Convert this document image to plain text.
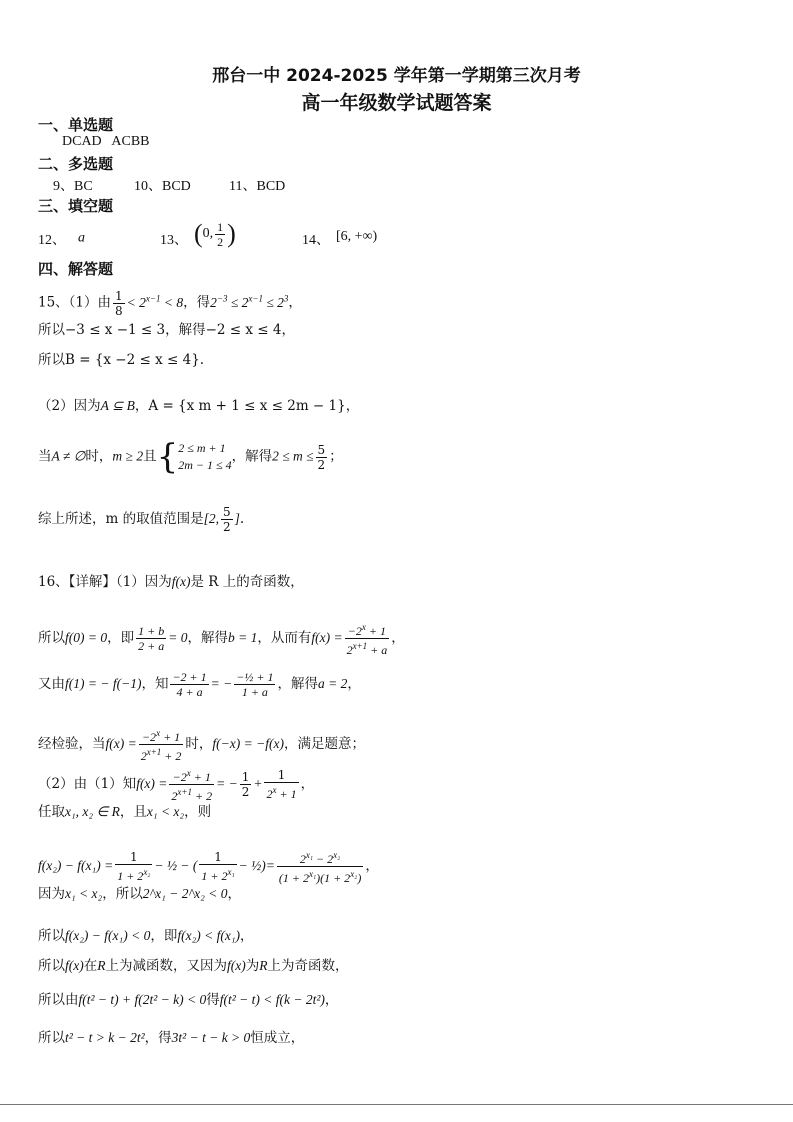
邢台一中 2024-2025 学年第一学期第三次月考
高一年级数学试题答案
一、单选题
DCAD   ACBB
二、多选题
9、BC	10、BCD	11、BCD
三、填空题
12、 a	13、 (0, $\frac{1}{2}$ )	14、 [6, +∞)
四、解答题
15、（1）由 $\frac{1}{8} < 2^{x-1} < 8$，得$2^{-3} \le 2^{x-1} \le 2^3$，
所以−3 ≤ x −1 ≤ 3，解得−2 ≤ x ≤ 4，
所以B = {x −2 ≤ x ≤ 4}.
（2）因为A ⊆ B，A = {x m + 1 ≤ x ≤ 2m − 1}，
当A ≠ ∅时，m ≥ 2且{2 ≤ m + 1
2m − 1 ≤ 4，解得$2 \le m \le \frac{5}{2}$ ；
综上所述，m 的取值范围是[2, $\frac{5}{2}$ ].
16、【详解】（1）因为f(x)是 R 上的奇函数，
所以f(0) = 0，即 $\frac{1 + b}{2 + a} = 0$，解得b = 1，从而有$f(x) = \frac{-2^x + 1}{2^{x+1} + a}$ ，
又由f(1) = − f(−1)，知 $\frac{-2 + 1}{4 + a}$ = − $\frac{\text{−½ + 1}}{1 + a}$ ，解得a = 2，
经检验，当$f(x) = \frac{-2^x + 1}{2^{x+1} + 2}$ 时，f(−x) = −f(x)，满足题意；
（2）由（1）知$f(x) = \frac{-2^x + 1}{2^{x+1} + 2}$ = − $\frac{1}{2} + \frac{1}{2^x + 1}$ ，
任取x₁, x₂ ∈ R，且x₁ < x₂，则
$f(x_2) - f(x_1) = \frac{1}{1 + 2^{x_2}}$ − ½ − ( $\frac{1}{1 + 2^{x_1}}$ − ½)= $\frac{2^{x_1} - 2^{x_2}}{(1 + 2^{x_1})(1 + 2^{x_2})}$ ，
因为x₁ < x₂，所以2^x₁ − 2^x₂ < 0，
所以f(x₂) − f(x₁) < 0，即f(x₂) < f(x₁)，
所以f(x)在R上为减函数，又因为f(x)为R上为奇函数，
所以由f(t² − t) + f(2t² − k) < 0得f(t² − t) < f(k − 2t²)，
所以t² − t > k − 2t²，得3t² − t − k > 0恒成立，
